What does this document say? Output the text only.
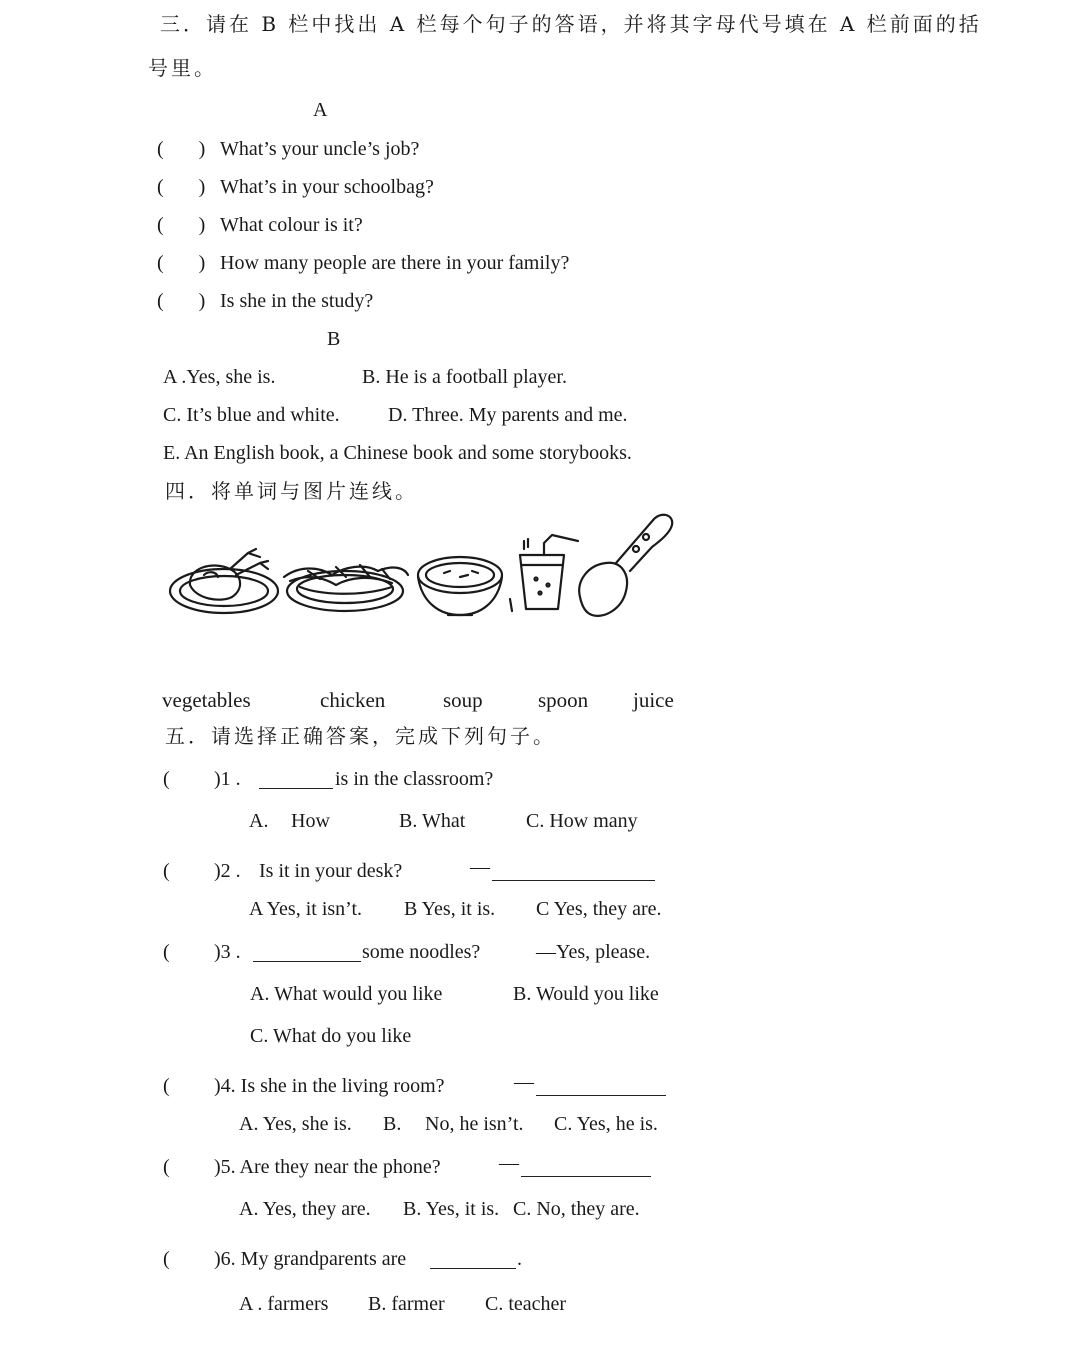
三．请在 B 栏中找出 A 栏每个句子的答语，并将其字母代号填在 A 栏前面的括
号里。
A
(       ) What’s your uncle’s job?
(       ) What’s in your schoolbag?
(       ) What colour is it?
(       ) How many people are there in your family?
(       ) Is she in the study?
B
A .Yes, she is.	B. He is a football player.
C. It’s blue and white. D. Three. My parents and me.
E. An English book, a Chinese book and some storybooks.
四．将单词与图片连线。
vegetables	chicken	soup	spoon juice
五．请选择正确答案，完成下列句子。
( )1 .	is in the classroom?
A. How	B. What	C. How many
( )2 . Is it in your desk?	—
A Yes, it isn’t. B Yes, it is. C Yes, they are.
( )3 .	some noodles?	—Yes, please.
A. What would you like	B. Would you like
C. What do you like
( )4. Is she in the living room?	—
A. Yes, she is. B. No, he isn’t. C. Yes, he is.
( )5. Are they near the phone?	—
A. Yes, they are. B. Yes, it is. C. No, they are.
( )6. My grandparents are	.
A . farmers B. farmer C. teacher
